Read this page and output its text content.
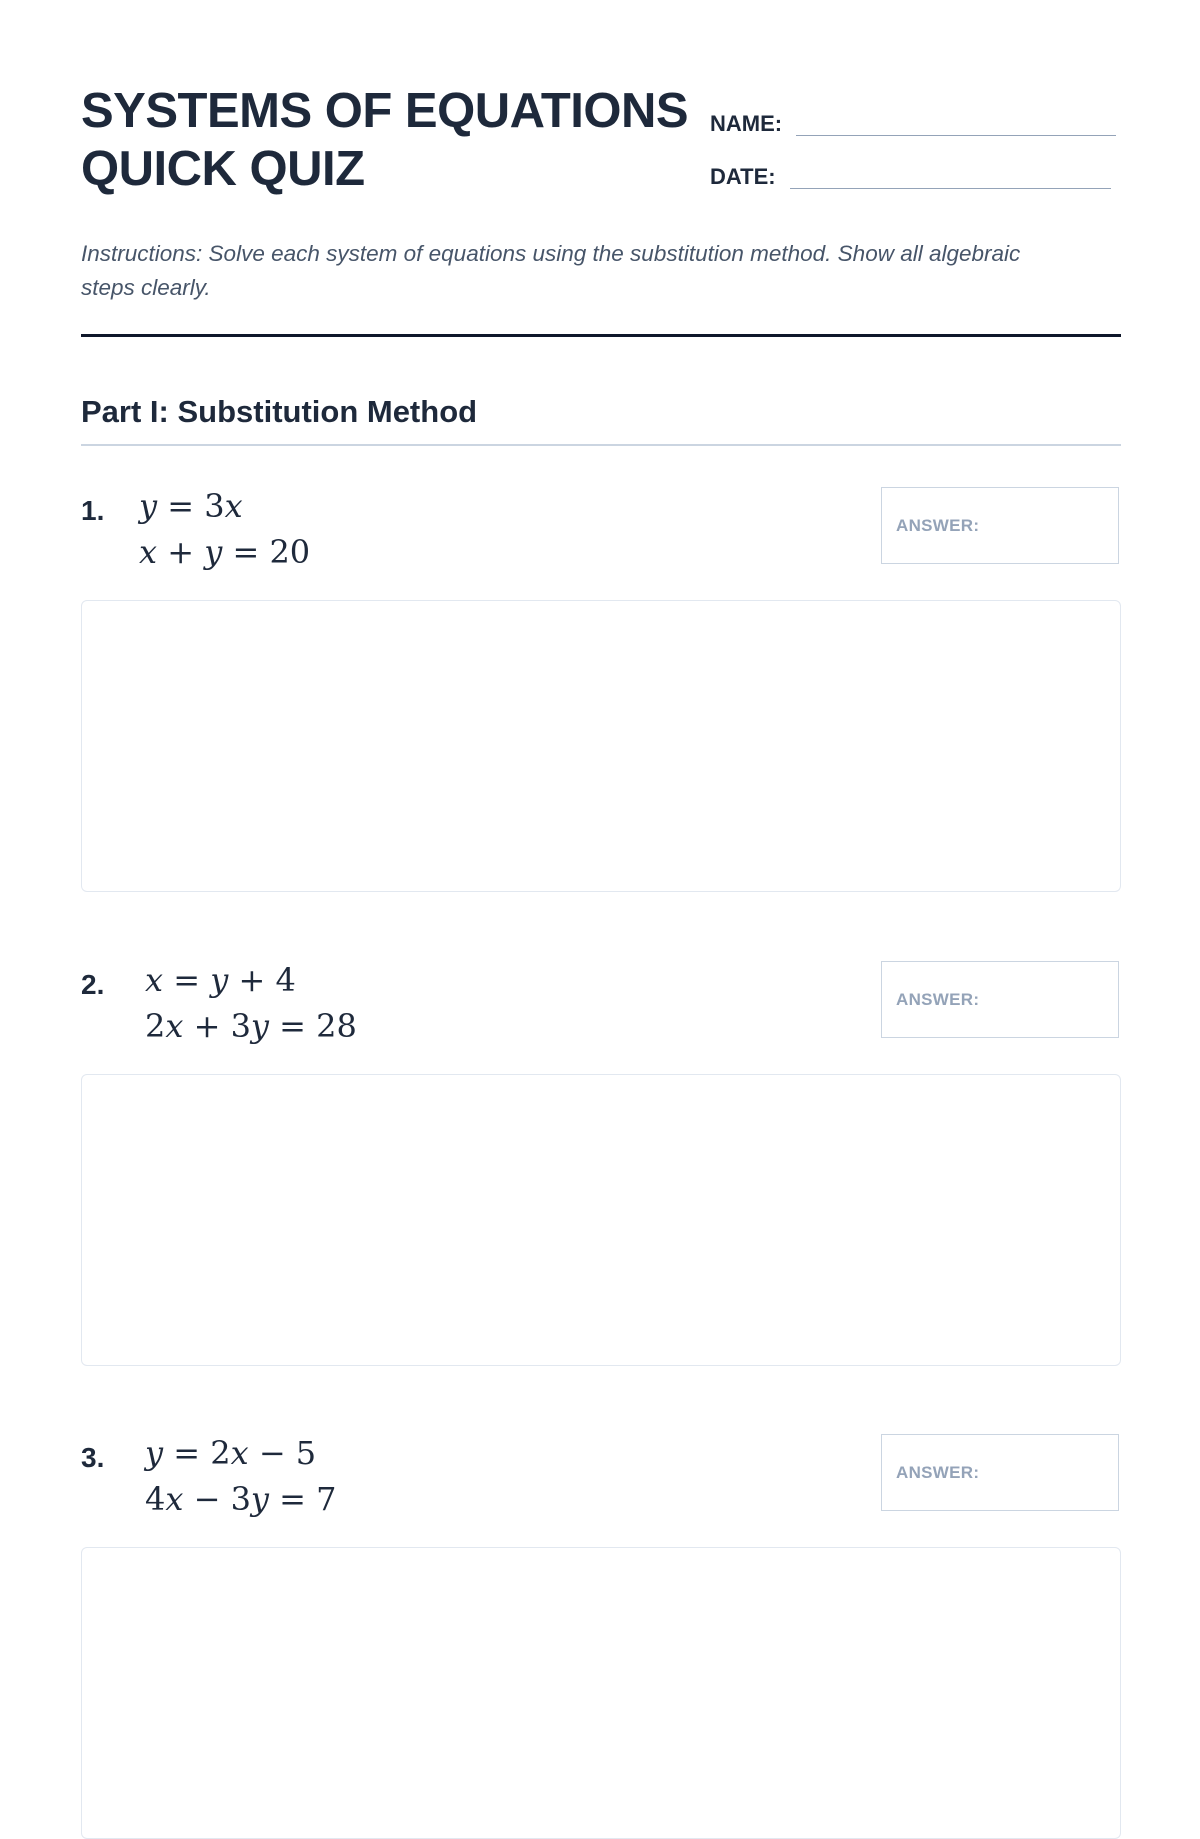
SYSTEMS OF EQUATIONS
QUICK QUIZ
NAME:
DATE:
Instructions: Solve each system of equations using the substitution method. Show all algebraic steps clearly.
Part I: Substitution Method
1. y = 3x
x + y = 20
ANSWER:
2. x = y + 4
2x + 3y = 28
ANSWER:
3. y = 2x − 5
4x − 3y = 7
ANSWER:
